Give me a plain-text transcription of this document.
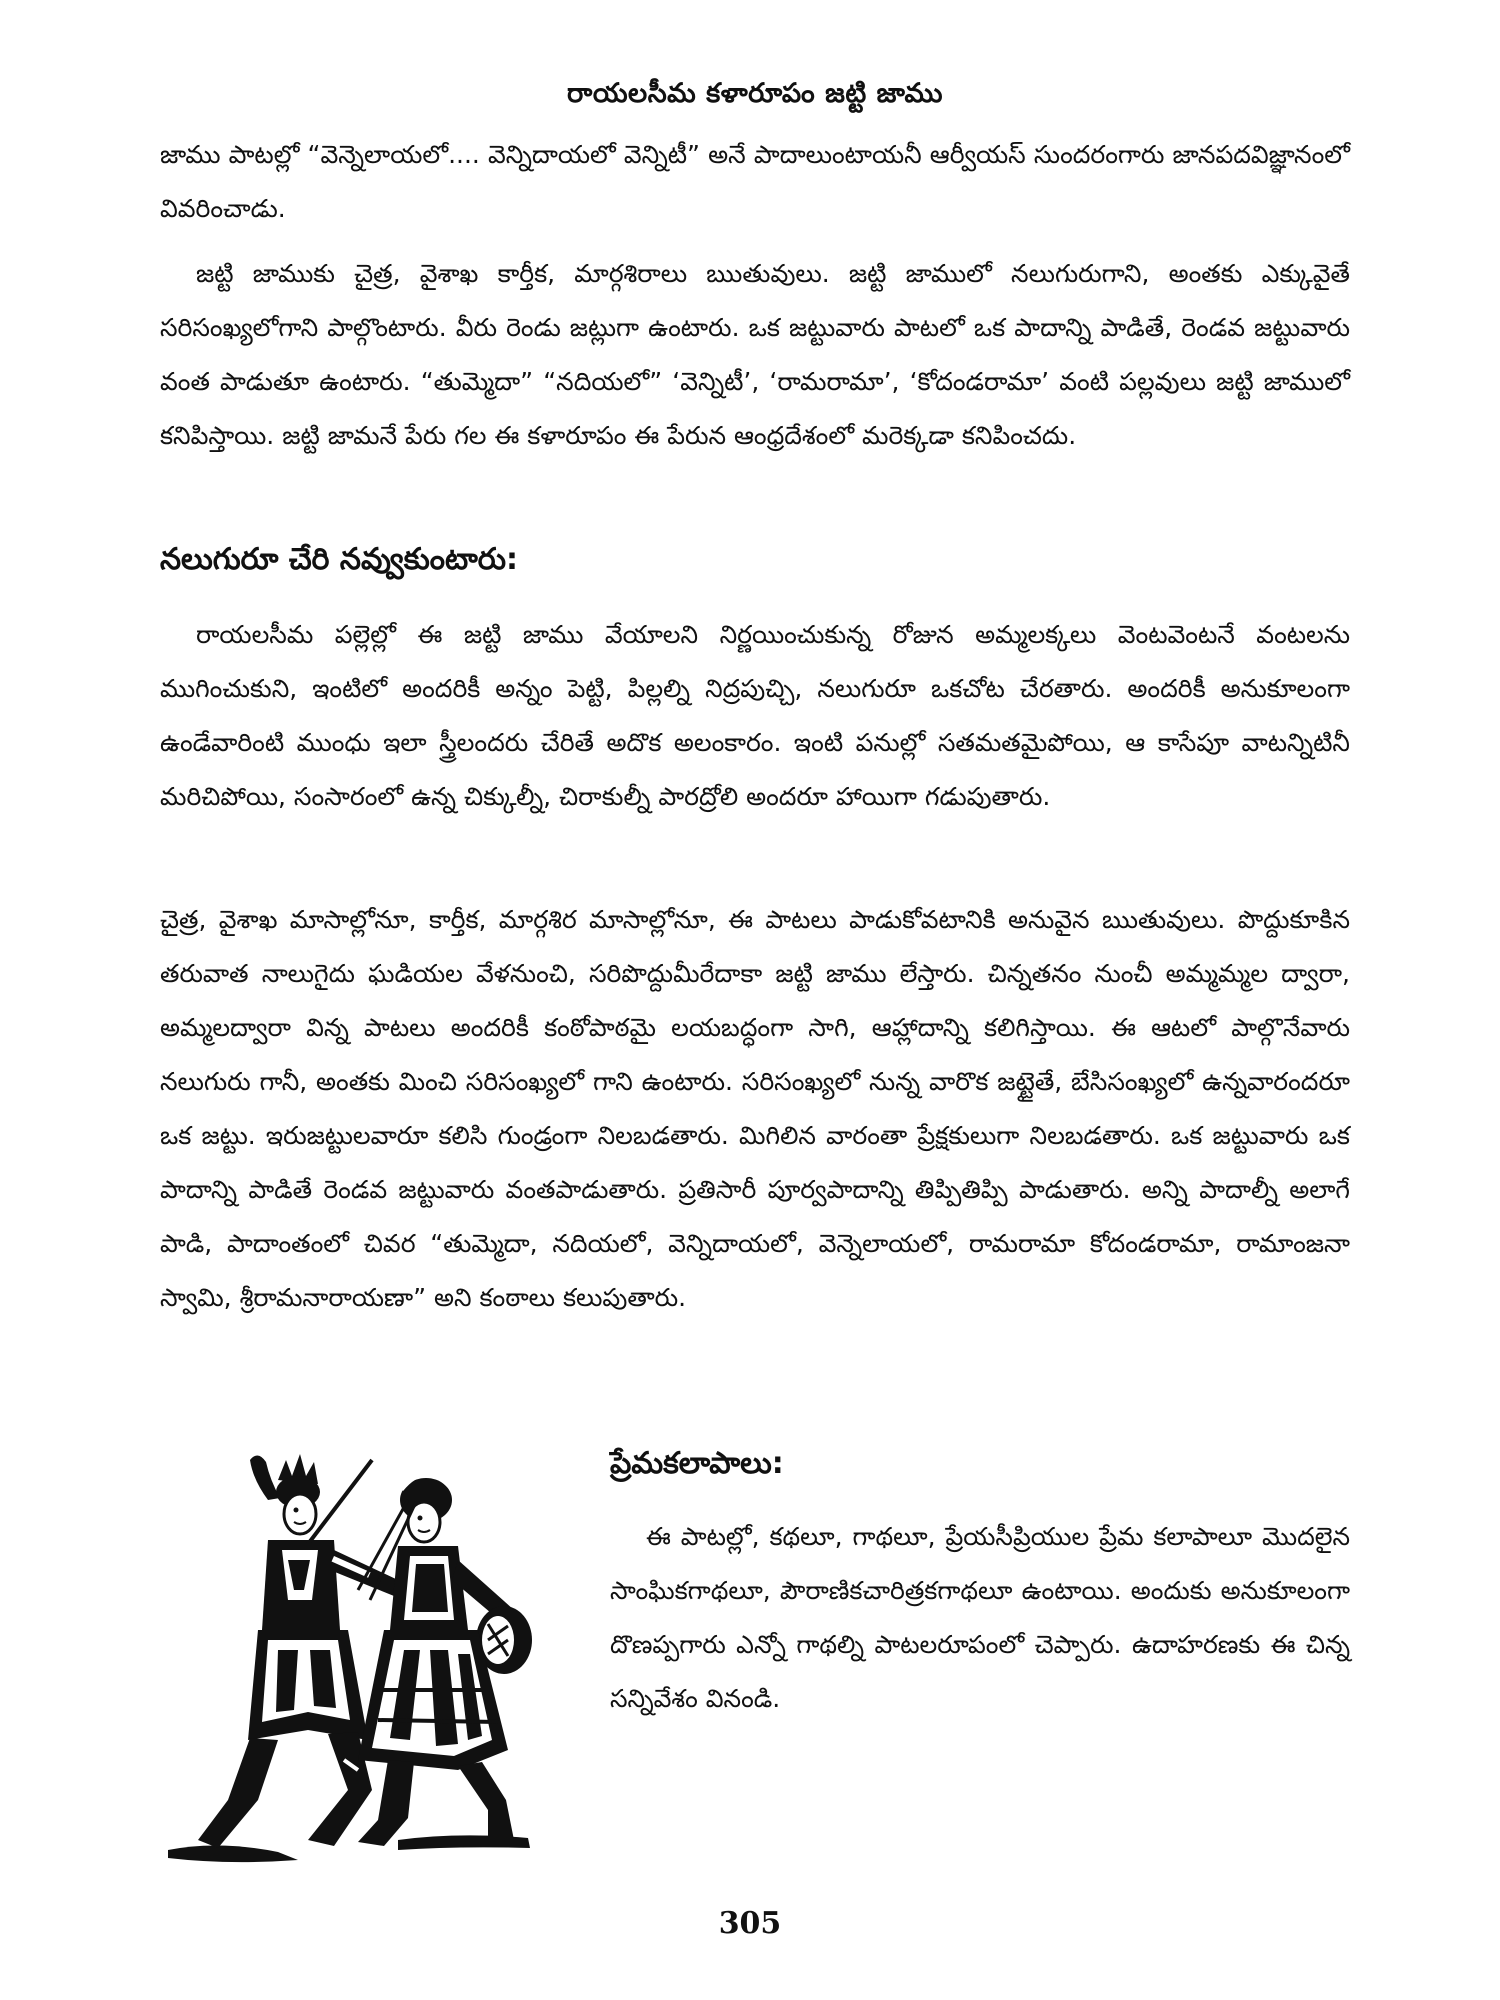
రాయలసీమ కళారూపం జట్టి జాము

జాము పాటల్లో “వెన్నెలాయలో.... వెన్నిదాయలో వెన్నిటీ” అనే పాదాలుంటాయనీ ఆర్వీయస్ సుందరంగారు జానపదవిజ్ఞానంలో వివరించాడు.

జట్టి జాముకు చైత్ర, వైశాఖ కార్తీక, మార్గశిరాలు ఋతువులు. జట్టి జాములో నలుగురుగాని, అంతకు ఎక్కువైతే సరిసంఖ్యలోగాని పాల్గొంటారు. వీరు రెండు జట్లుగా ఉంటారు. ఒక జట్టువారు పాటలో ఒక పాదాన్ని పాడితే, రెండవ జట్టువారు వంత పాడుతూ ఉంటారు. “తుమ్మెదా” “నదియలో” ‘వెన్నిటీ’, ‘రామరామా’, ‘కోదండరామా’ వంటి పల్లవులు జట్టి జాములో కనిపిస్తాయి. జట్టి జామనే పేరు గల ఈ కళారూపం ఈ పేరున ఆంధ్రదేశంలో మరెక్కడా కనిపించదు.

నలుగురూ చేరి నవ్వుకుంటారు:

రాయలసీమ పల్లెల్లో ఈ జట్టి జాము వేయాలని నిర్ణయించుకున్న రోజున అమ్మలక్కలు వెంటవెంటనే వంటలను ముగించుకుని, ఇంటిలో అందరికీ అన్నం పెట్టి, పిల్లల్ని నిద్రపుచ్చి, నలుగురూ ఒకచోట చేరతారు. అందరికీ అనుకూలంగా ఉండేవారింటి ముంధు ఇలా స్త్రీలందరు చేరితే అదొక అలంకారం. ఇంటి పనుల్లో సతమతమైపోయి, ఆ కాసేపూ వాటన్నిటినీ మరిచిపోయి, సంసారంలో ఉన్న చిక్కుల్నీ, చిరాకుల్నీ పారద్రోలి అందరూ హాయిగా గడుపుతారు.

చైత్ర, వైశాఖ మాసాల్లోనూ, కార్తీక, మార్గశిర మాసాల్లోనూ, ఈ పాటలు పాడుకోవటానికి అనువైన ఋతువులు. పొద్దుకూకిన తరువాత నాలుగైదు ఘడియల వేళనుంచి, సరిపొద్దుమీరేదాకా జట్టి జాము లేస్తారు. చిన్నతనం నుంచీ అమ్మమ్మల ద్వారా, అమ్మలద్వారా విన్న పాటలు అందరికీ కంఠోపాఠమై లయబద్ధంగా సాగి, ఆహ్లాదాన్ని కలిగిస్తాయి. ఈ ఆటలో పాల్గొనేవారు నలుగురు గానీ, అంతకు మించి సరిసంఖ్యలో గాని ఉంటారు. సరిసంఖ్యలో నున్న వారొక జట్టైతే, బేసిసంఖ్యలో ఉన్నవారందరూ ఒక జట్టు. ఇరుజట్టులవారూ కలిసి గుండ్రంగా నిలబడతారు. మిగిలిన వారంతా ప్రేక్షకులుగా నిలబడతారు. ఒక జట్టువారు ఒక పాదాన్ని పాడితే రెండవ జట్టువారు వంతపాడుతారు. ప్రతిసారీ పూర్వపాదాన్ని తిప్పితిప్పి పాడుతారు. అన్ని పాదాల్నీ అలాగే పాడి, పాదాంతంలో చివర “తుమ్మెదా, నదియలో, వెన్నిదాయలో, వెన్నెలాయలో, రామరామా కోదండరామా, రామాంజనా స్వామి, శ్రీరామనారాయణా” అని కంఠాలు కలుపుతారు.

ప్రేమకలాపాలు:

ఈ పాటల్లో, కథలూ, గాథలూ, ప్రేయసీప్రియుల ప్రేమ కలాపాలూ మొదలైన సాంఘికగాథలూ, పౌరాణికచారిత్రకగాథలూ ఉంటాయి. అందుకు అనుకూలంగా దొణప్పగారు ఎన్నో గాథల్ని పాటలరూపంలో చెప్పారు. ఉదాహరణకు ఈ చిన్న సన్నివేశం వినండి.

305
